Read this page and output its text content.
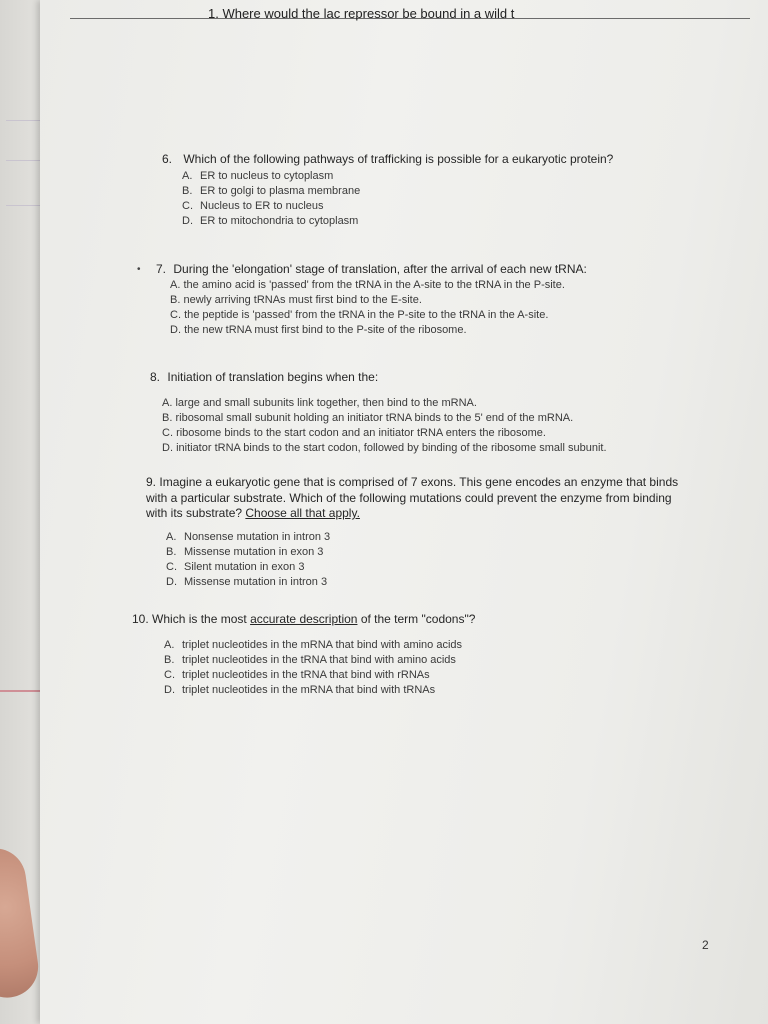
1. Where would the lac repressor be bound in a wild t
6. Which of the following pathways of trafficking is possible for a eukaryotic protein?
A. ER to nucleus to cytoplasm
B. ER to golgi to plasma membrane
C. Nucleus to ER to nucleus
D. ER to mitochondria to cytoplasm
• 7. During the 'elongation' stage of translation, after the arrival of each new tRNA:
A. the amino acid is 'passed' from the tRNA in the A-site to the tRNA in the P-site.
B. newly arriving tRNAs must first bind to the E-site.
C. the peptide is 'passed' from the tRNA in the P-site to the tRNA in the A-site.
D. the new tRNA must first bind to the P-site of the ribosome.
8. Initiation of translation begins when the:
A. large and small subunits link together, then bind to the mRNA.
B. ribosomal small subunit holding an initiator tRNA binds to the 5' end of the mRNA.
C. ribosome binds to the start codon and an initiator tRNA enters the ribosome.
D. initiator tRNA binds to the start codon, followed by binding of the ribosome small subunit.
9. Imagine a eukaryotic gene that is comprised of 7 exons. This gene encodes an enzyme that binds with a particular substrate. Which of the following mutations could prevent the enzyme from binding with its substrate? Choose all that apply.
A. Nonsense mutation in intron 3
B. Missense mutation in exon 3
C. Silent mutation in exon 3
D. Missense mutation in intron 3
10. Which is the most accurate description of the term "codons"?
A. triplet nucleotides in the mRNA that bind with amino acids
B. triplet nucleotides in the tRNA that bind with amino acids
C. triplet nucleotides in the tRNA that bind with rRNAs
D. triplet nucleotides in the mRNA that bind with tRNAs
2
